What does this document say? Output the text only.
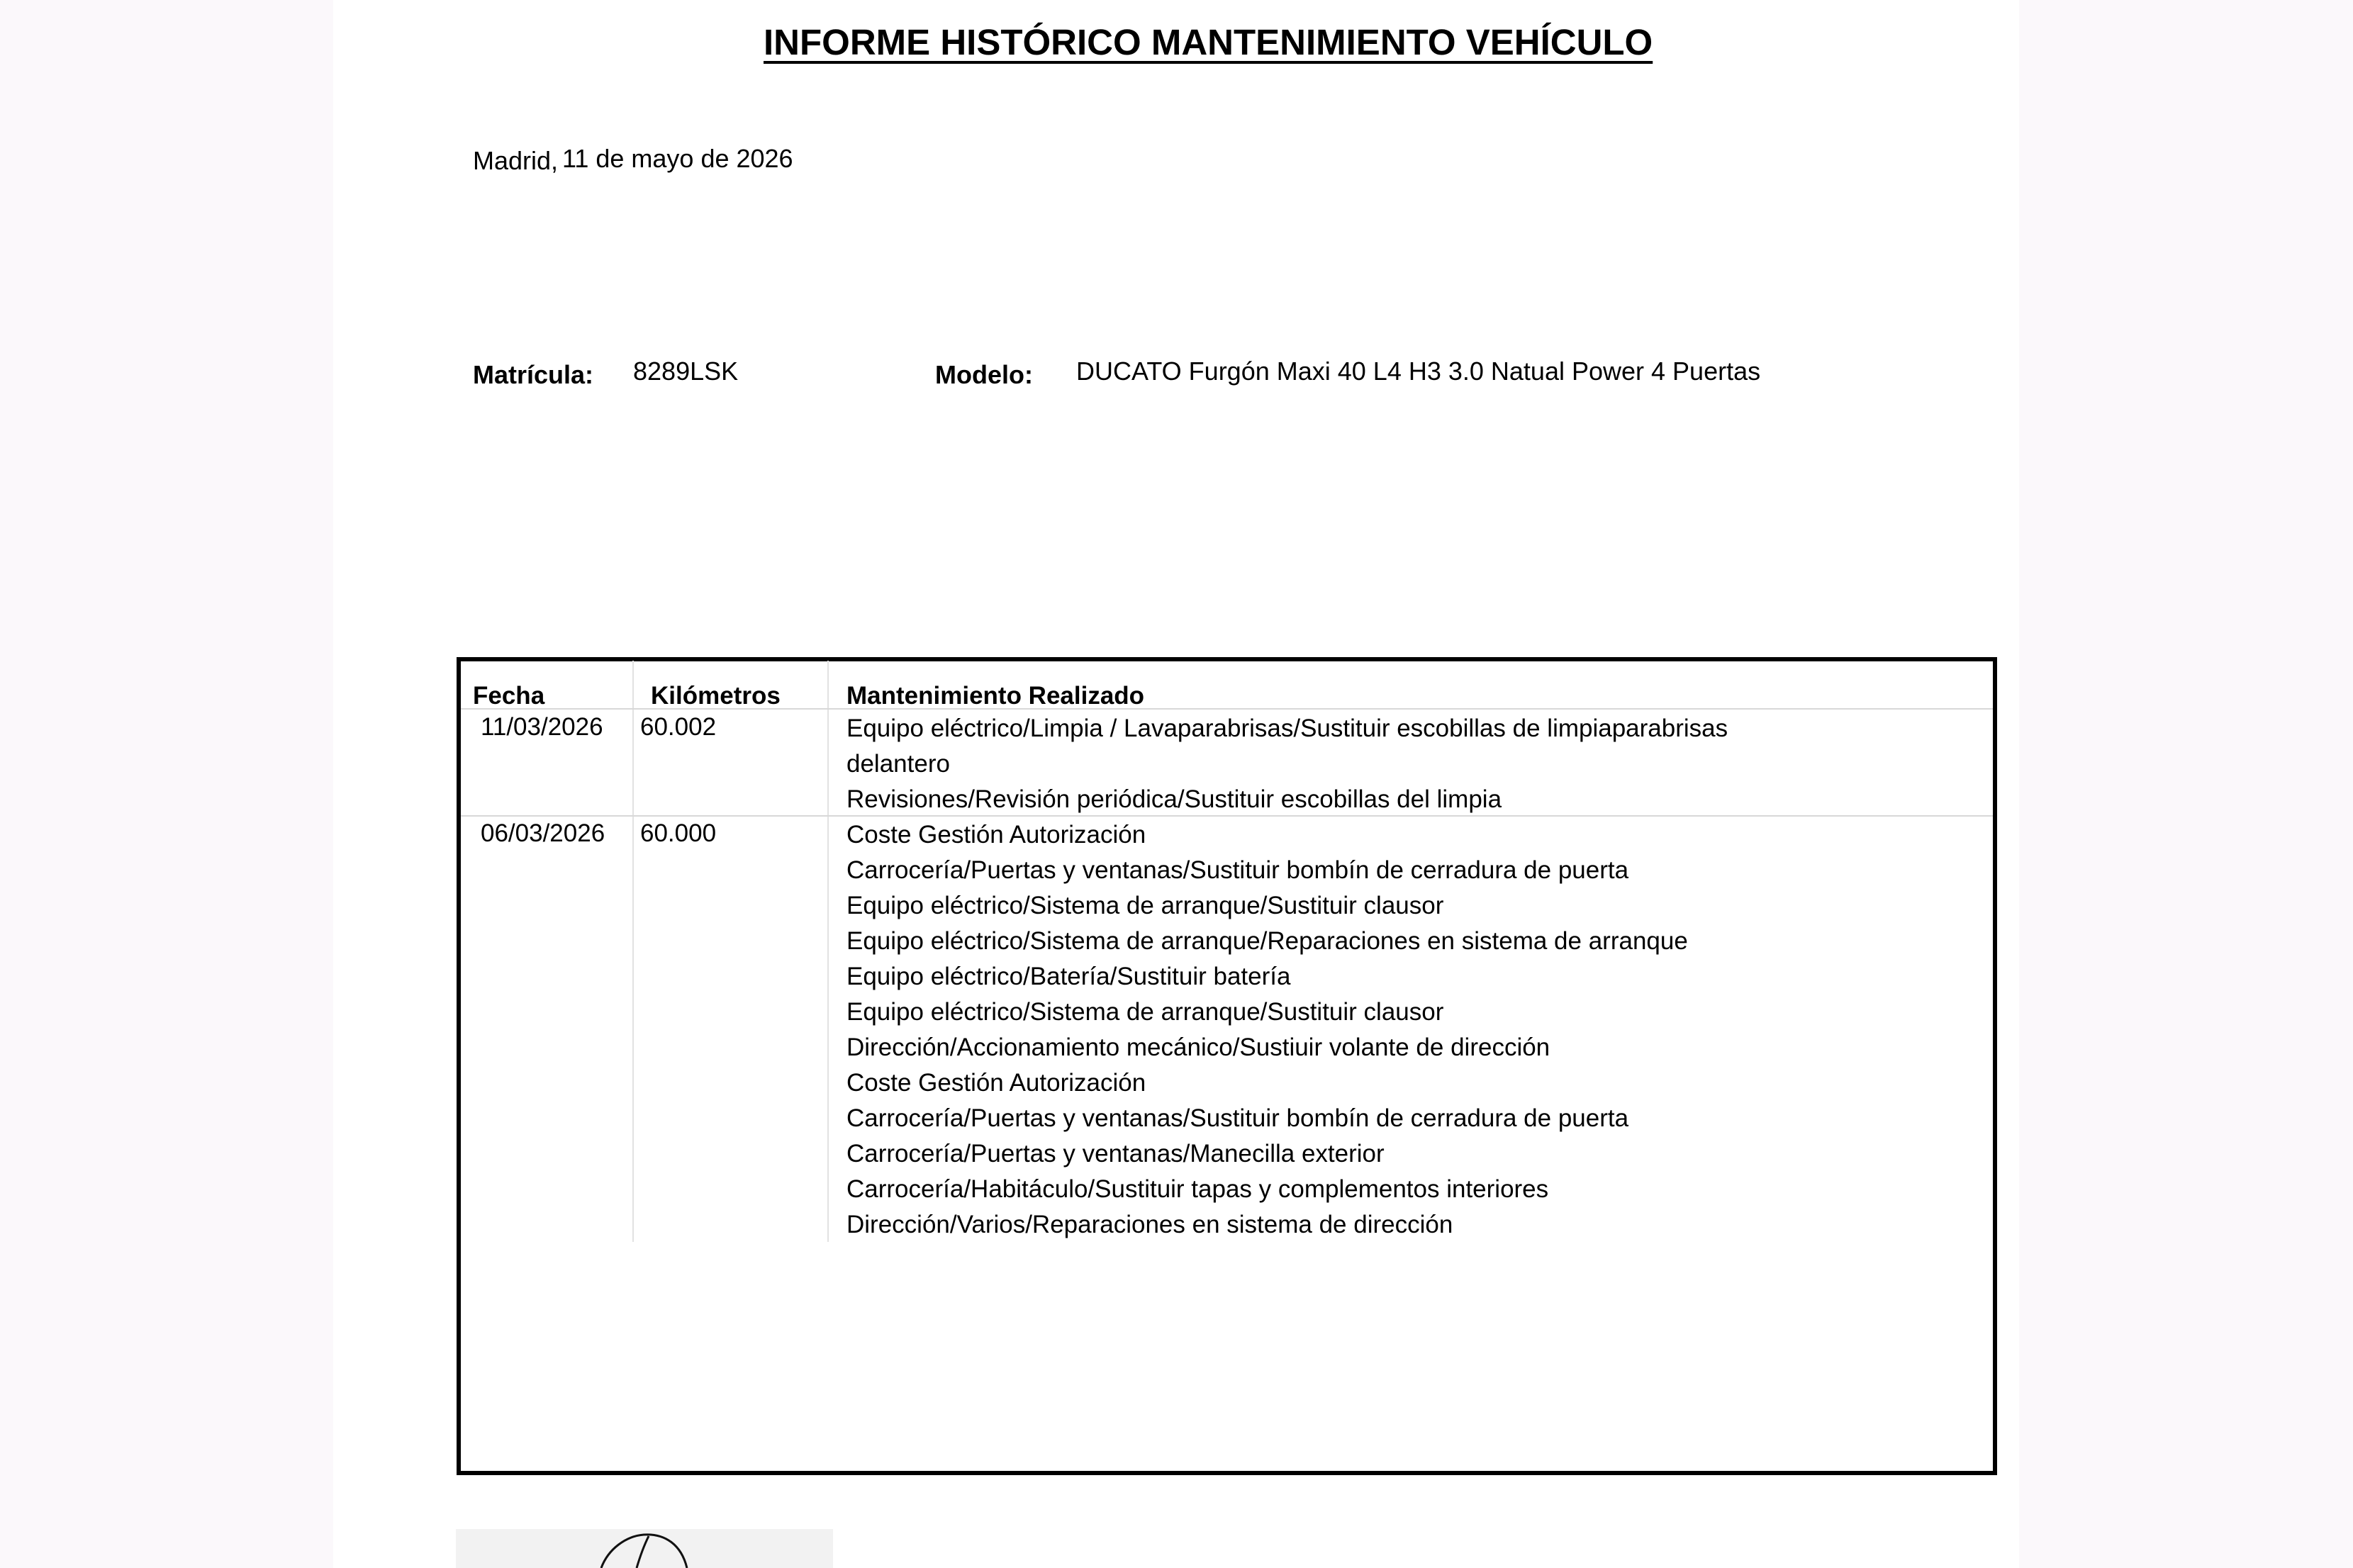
INFORME HISTÓRICO MANTENIMIENTO VEHÍCULO
Madrid, 11 de mayo de 2026
Matrícula: 8289LSK	Modelo: DUCATO Furgón Maxi 40 L4 H3 3.0 Natual Power 4 Puertas
Fecha	Kilómetros	Mantenimiento Realizado
11/03/2026 60.002	Equipo eléctrico/Limpia / Lavaparabrisas/Sustituir escobillas de limpiaparabrisas
delantero
Revisiones/Revisión periódica/Sustituir escobillas del limpia
06/03/2026 60.000	Coste Gestión Autorización
Carrocería/Puertas y ventanas/Sustituir bombín de cerradura de puerta
Equipo eléctrico/Sistema de arranque/Sustituir clausor
Equipo eléctrico/Sistema de arranque/Reparaciones en sistema de arranque
Equipo eléctrico/Batería/Sustituir batería
Equipo eléctrico/Sistema de arranque/Sustituir clausor
Dirección/Accionamiento mecánico/Sustiuir volante de dirección
Coste Gestión Autorización
Carrocería/Puertas y ventanas/Sustituir bombín de cerradura de puerta
Carrocería/Puertas y ventanas/Manecilla exterior
Carrocería/Habitáculo/Sustituir tapas y complementos interiores
Dirección/Varios/Reparaciones en sistema de dirección
